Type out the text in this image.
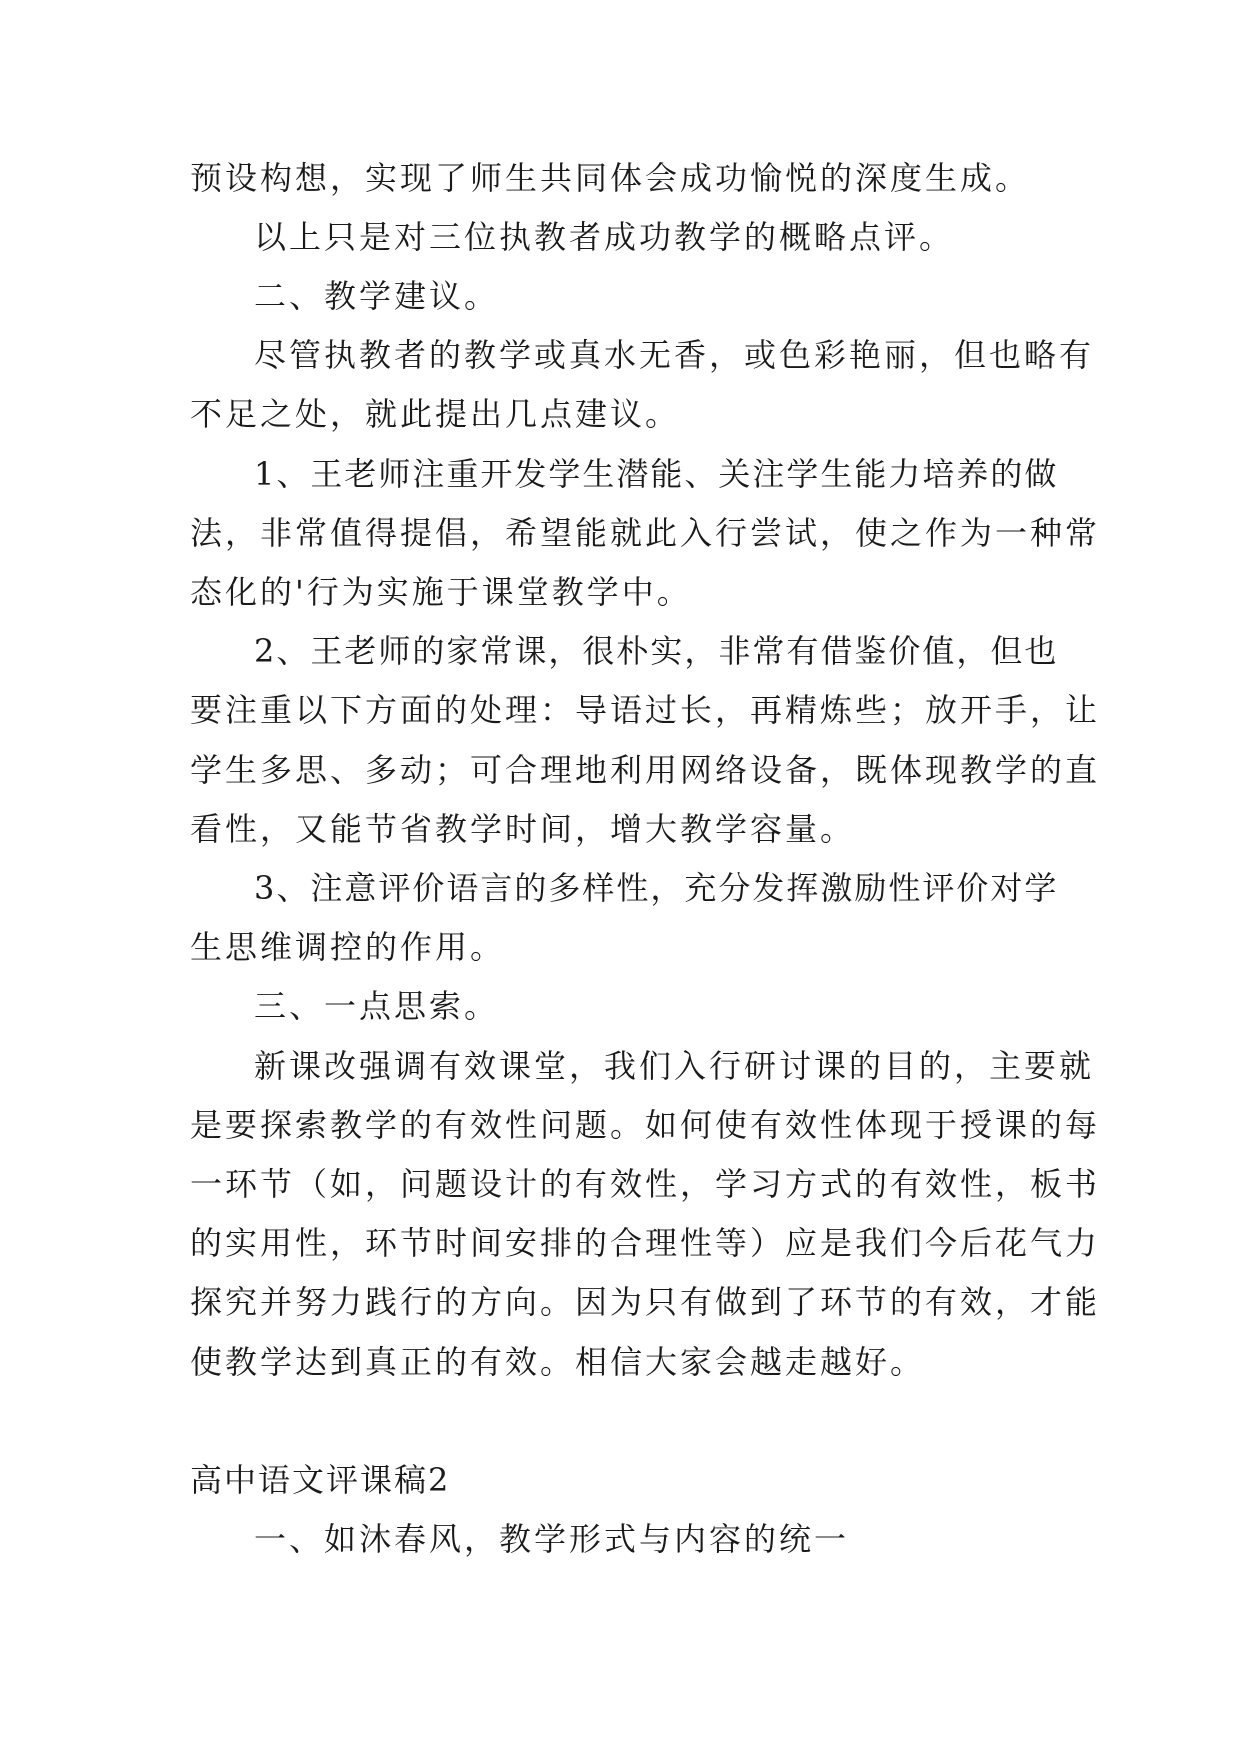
预设构想，实现了师生共同体会成功愉悦的深度生成。
以上只是对三位执教者成功教学的概略点评。
二、教学建议。
尽管执教者的教学或真水无香，或色彩艳丽，但也略有
不足之处，就此提出几点建议。
1、王老师注重开发学生潜能、关注学生能力培养的做
法，非常值得提倡，希望能就此入行尝试，使之作为一种常
态化的'行为实施于课堂教学中。
2、王老师的家常课，很朴实，非常有借鉴价值，但也
要注重以下方面的处理：导语过长，再精炼些；放开手，让
学生多思、多动；可合理地利用网络设备，既体现教学的直
看性，又能节省教学时间，增大教学容量。
3、注意评价语言的多样性，充分发挥激励性评价对学
生思维调控的作用。
三、一点思索。
新课改强调有效课堂，我们入行研讨课的目的，主要就
是要探索教学的有效性问题。如何使有效性体现于授课的每
一环节（如，问题设计的有效性，学习方式的有效性，板书
的实用性，环节时间安排的合理性等）应是我们今后花气力
探究并努力践行的方向。因为只有做到了环节的有效，才能
使教学达到真正的有效。相信大家会越走越好。
高中语文评课稿2
一、如沐春风，教学形式与内容的统一
